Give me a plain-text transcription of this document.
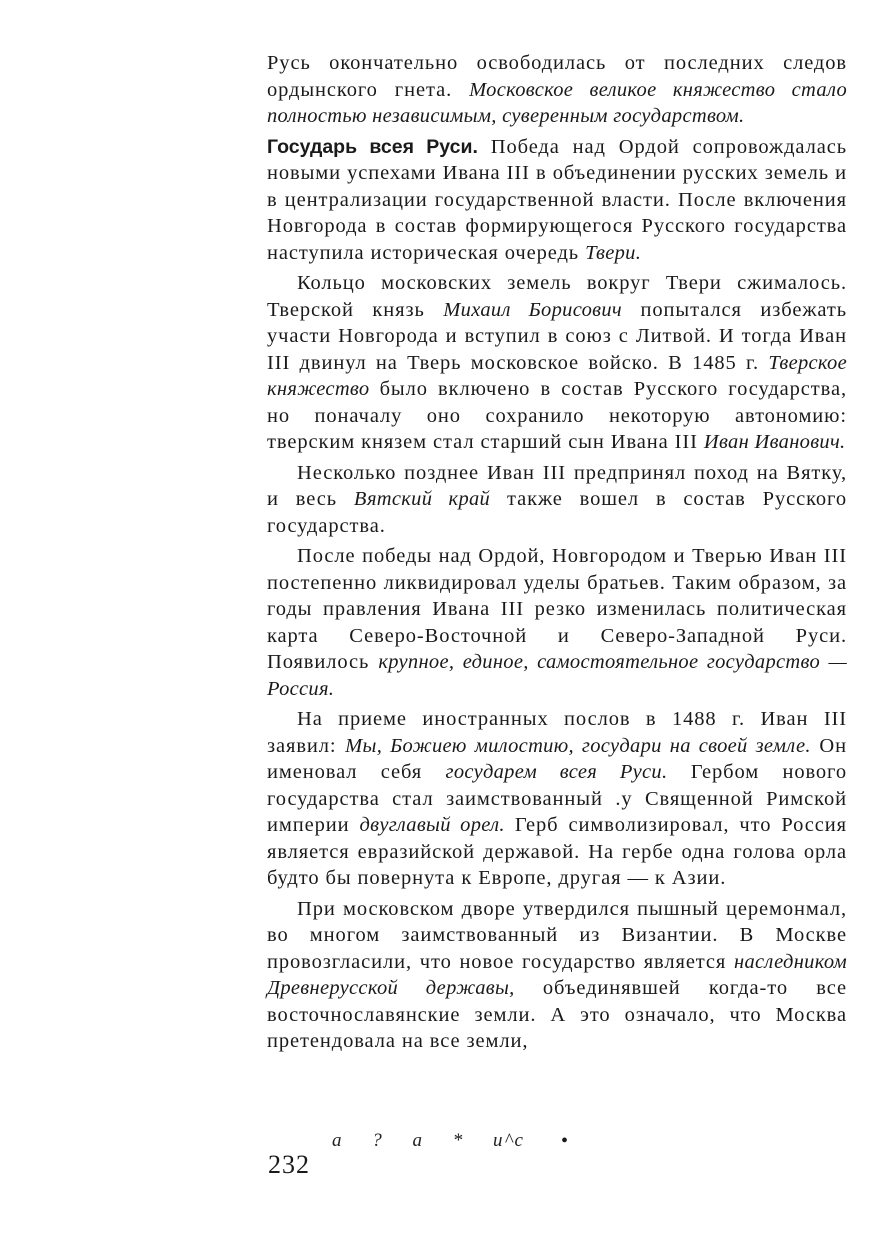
Русь окончательно освободилась от последних следов ордынского гнета. Московское великое княжество стало полностью независимым, суверенным государством.

Государь всея Руси. Победа над Ордой сопровождалась новыми успехами Ивана III в объединении русских земель и в централизации государственной власти. После включения Новгорода в состав формирующегося Русского государства наступила историческая очередь Твери.

Кольцо московских земель вокруг Твери сжималось. Тверской князь Михаил Борисович попытался избежать участи Новгорода и вступил в союз с Литвой. И тогда Иван III двинул на Тверь московское войско. В 1485 г. Тверское княжество было включено в состав Русского государства, но поначалу оно сохранило некоторую автономию: тверским князем стал старший сын Ивана III Иван Иванович.

Несколько позднее Иван III предпринял поход на Вятку, и весь Вятский край также вошел в состав Русского государства.

После победы над Ордой, Новгородом и Тверью Иван III постепенно ликвидировал уделы братьев. Таким образом, за годы правления Ивана III резко изменилась политическая карта Северо-Восточной и Северо-Западной Руси. Появилось крупное, единое, самостоятельное государство — Россия.

На приеме иностранных послов в 1488 г. Иван III заявил: Мы, Божиею милостию, государи на своей земле. Он именовал себя государем всея Руси. Гербом нового государства стал заимствованный .у Священной Римской империи двуглавый орел. Герб символизировал, что Россия является евразийской державой. На гербе одна голова орла будто бы повернута к Европе, другая — к Азии.

При московском дворе утвердился пышный церемонмал, во многом заимствованный из Византии. В Москве провозгласили, что новое государство является наследником Древнерусской державы, объединявшей когда-то все восточнославянские земли. А это означало, что Москва претендовала на все земли,

а ? а * и^с •
232
